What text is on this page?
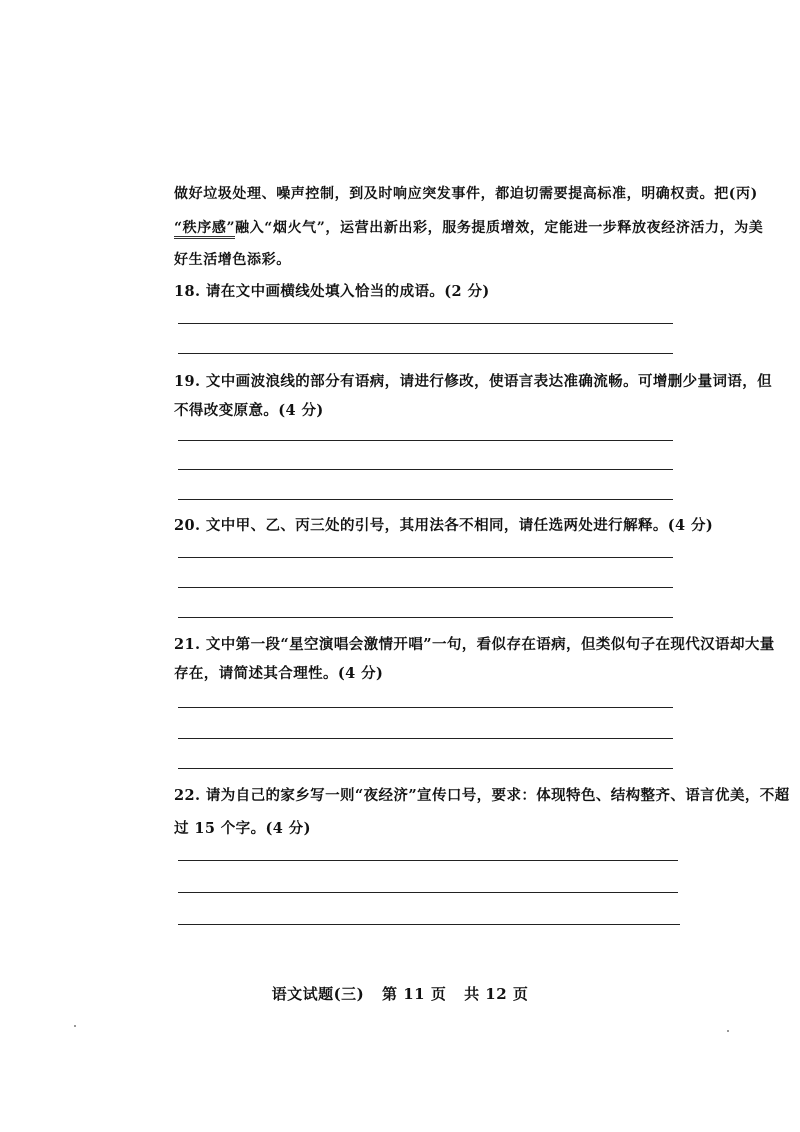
做好垃圾处理、噪声控制，到及时响应突发事件，都迫切需要提高标准，明确权责。把(丙)
“秩序感”融入“烟火气”，运营出新出彩，服务提质增效，定能进一步释放夜经济活力，为美
好生活增色添彩。
18. 请在文中画横线处填入恰当的成语。(2 分)
19. 文中画波浪线的部分有语病，请进行修改，使语言表达准确流畅。可增删少量词语，但
不得改变原意。(4 分)
20. 文中甲、乙、丙三处的引号，其用法各不相同，请任选两处进行解释。(4 分)
21. 文中第一段“星空演唱会激情开唱”一句，看似存在语病，但类似句子在现代汉语却大量
存在，请简述其合理性。(4 分)
22. 请为自己的家乡写一则“夜经济”宣传口号，要求：体现特色、结构整齐、语言优美，不超
过 15 个字。(4 分)
语文试题(三) 第 11 页 共 12 页
